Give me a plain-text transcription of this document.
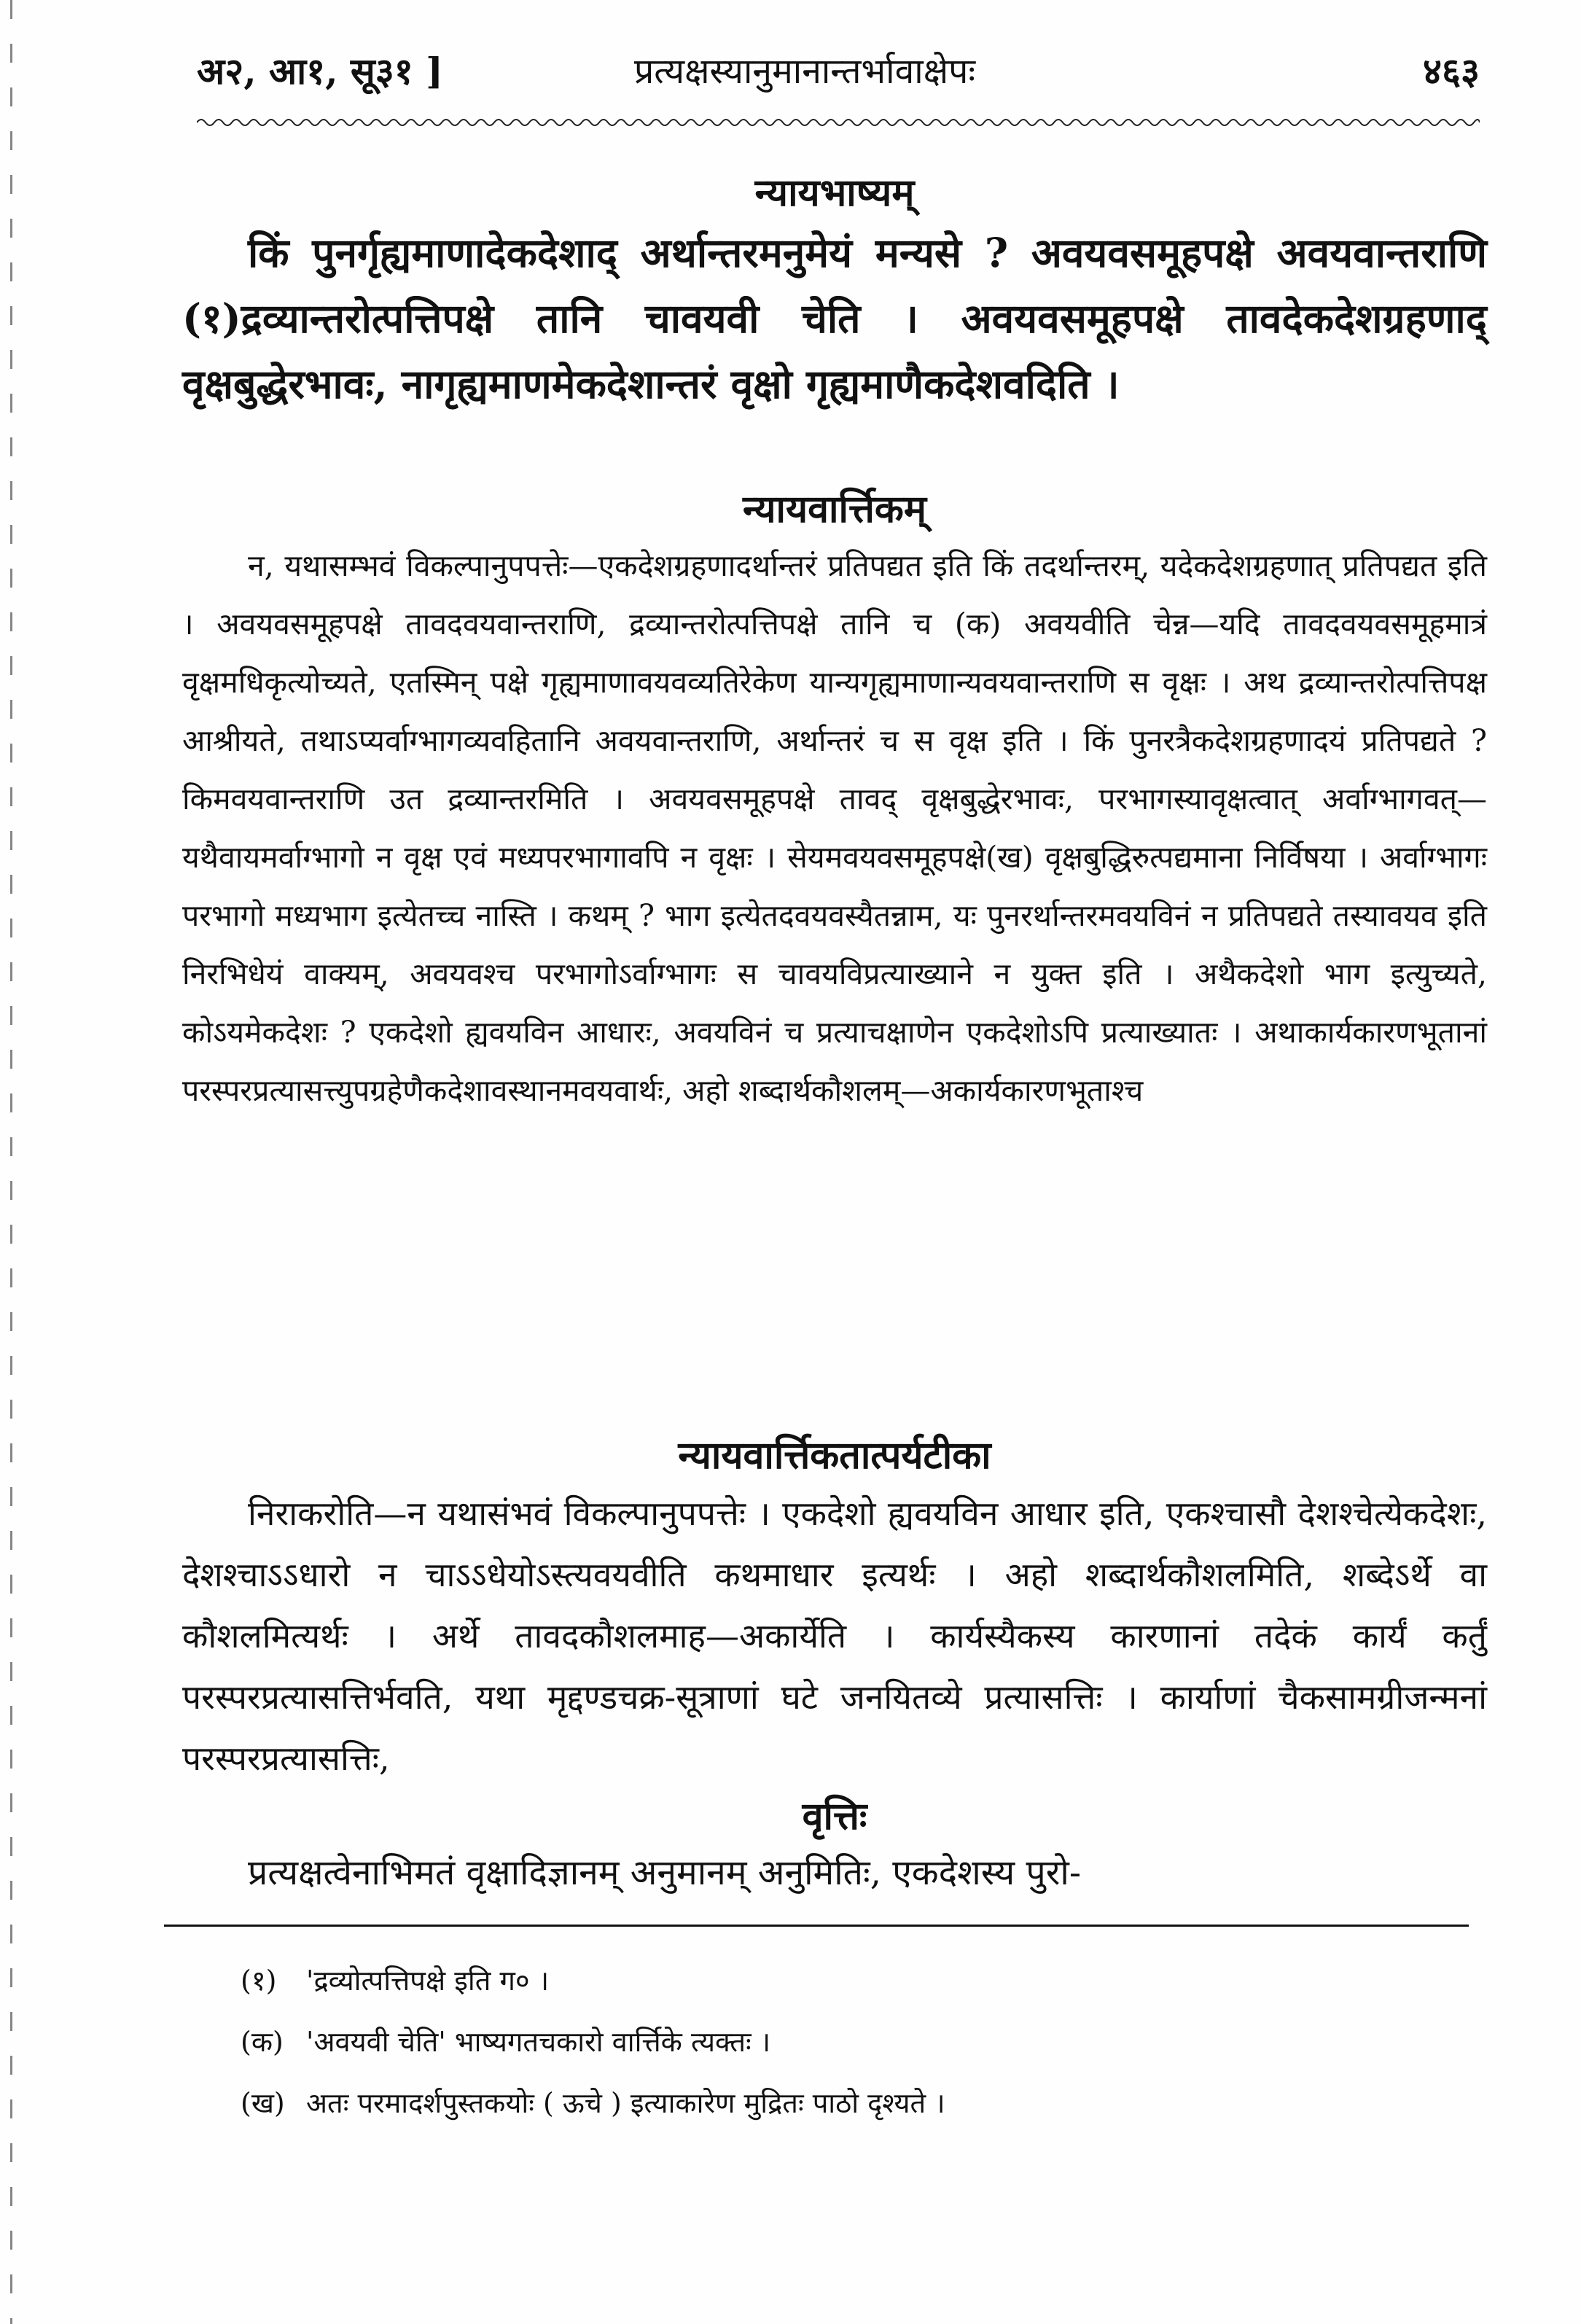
अ२, आ१, सू३१ ]	प्रत्यक्षस्यानुमानान्तर्भावाक्षेपः	४६३
न्यायभाष्यम्

किं पुनर्गृह्यमाणादेकदेशाद् अर्थान्तरमनुमेयं मन्यसे ? अवयवसमूहपक्षे अवयवान्तराणि (१)द्रव्यान्तरोत्पत्तिपक्षे तानि चावयवी चेति । अवयवसमूहपक्षे तावदेकदेशग्रहणाद् वृक्षबुद्धेरभावः, नागृह्यमाणमेकदेशान्तरं वृक्षो गृह्यमाणैकदेशवदिति ।

न्यायवार्त्तिकम्

न, यथासम्भवं विकल्पानुपपत्तेः—एकदेशग्रहणादर्थान्तरं प्रतिपद्यत इति किं तदर्थान्तरम्, यदेकदेशग्रहणात् प्रतिपद्यत इति । अवयवसमूहपक्षे तावदवयवान्तराणि, द्रव्यान्तरोत्पत्तिपक्षे तानि च (क) अवयवीति चेन्न—यदि तावदवयवसमूहमात्रं वृक्षमधिकृत्योच्यते, एतस्मिन् पक्षे गृह्यमाणावयवव्यतिरेकेण यान्यगृह्यमाणान्यवयवान्तराणि स वृक्षः । अथ द्रव्यान्तरोत्पत्तिपक्ष आश्रीयते, तथाऽप्यर्वाग्भागव्यवहितानि अवयवान्तराणि, अर्थान्तरं च स वृक्ष इति । किं पुनरत्रैकदेशग्रहणादयं प्रतिपद्यते ? किमवयवान्तराणि उत द्रव्यान्तरमिति । अवयवसमूहपक्षे तावद् वृक्षबुद्धेरभावः, परभागस्यावृक्षत्वात् अर्वाग्भागवत्—यथैवायमर्वाग्भागो न वृक्ष एवं मध्यपरभागावपि न वृक्षः । सेयमवयवसमूहपक्षे(ख) वृक्षबुद्धिरुत्पद्यमाना निर्विषया । अर्वाग्भागः परभागो मध्यभाग इत्येतच्च नास्ति । कथम् ? भाग इत्येतदवयवस्यैतन्नाम, यः पुनरर्थान्तरमवयविनं न प्रतिपद्यते तस्यावयव इति निरभिधेयं वाक्यम्, अवयवश्च परभागोऽर्वाग्भागः स चावयविप्रत्याख्याने न युक्त इति । अथैकदेशो भाग इत्युच्यते, कोऽयमेकदेशः ? एकदेशो ह्यवयविन आधारः, अवयविनं च प्रत्याचक्षाणेन एकदेशोऽपि प्रत्याख्यातः । अथाकार्यकारणभूतानां परस्परप्रत्यासत्त्युपग्रहेणैकदेशावस्थानमवयवार्थः, अहो शब्दार्थकौशलम्—अकार्यकारणभूताश्च

न्यायवार्त्तिकतात्पर्यटीका

निराकरोति—न यथासंभवं विकल्पानुपपत्तेः । एकदेशो ह्यवयविन आधार इति, एकश्चासौ देशश्चेत्येकदेशः, देशश्चाऽऽधारो न चाऽऽधेयोऽस्त्यवयवीति कथमाधार इत्यर्थः । अहो शब्दार्थकौशलमिति, शब्देऽर्थे वा कौशलमित्यर्थः । अर्थे तावदकौशलमाह—अकार्येति । कार्यस्यैकस्य कारणानां तदेकं कार्यं कर्तुं परस्परप्रत्यासत्तिर्भवति, यथा मृद्दण्डचक्र-सूत्राणां घटे जनयितव्ये प्रत्यासत्तिः । कार्याणां चैकसामग्रीजन्मनां परस्परप्रत्यासत्तिः,

वृत्तिः

प्रत्यक्षत्वेनाभिमतं वृक्षादिज्ञानम् अनुमानम् अनुमितिः, एकदेशस्य पुरो-

(१) 'द्रव्योत्पत्तिपक्षे इति ग० ।

(क) 'अवयवी चेति' भाष्यगतचकारो वार्त्तिके त्यक्तः ।

(ख) अतः परमादर्शपुस्तकयोः ( ऊचे ) इत्याकारेण मुद्रितः पाठो दृश्यते ।
